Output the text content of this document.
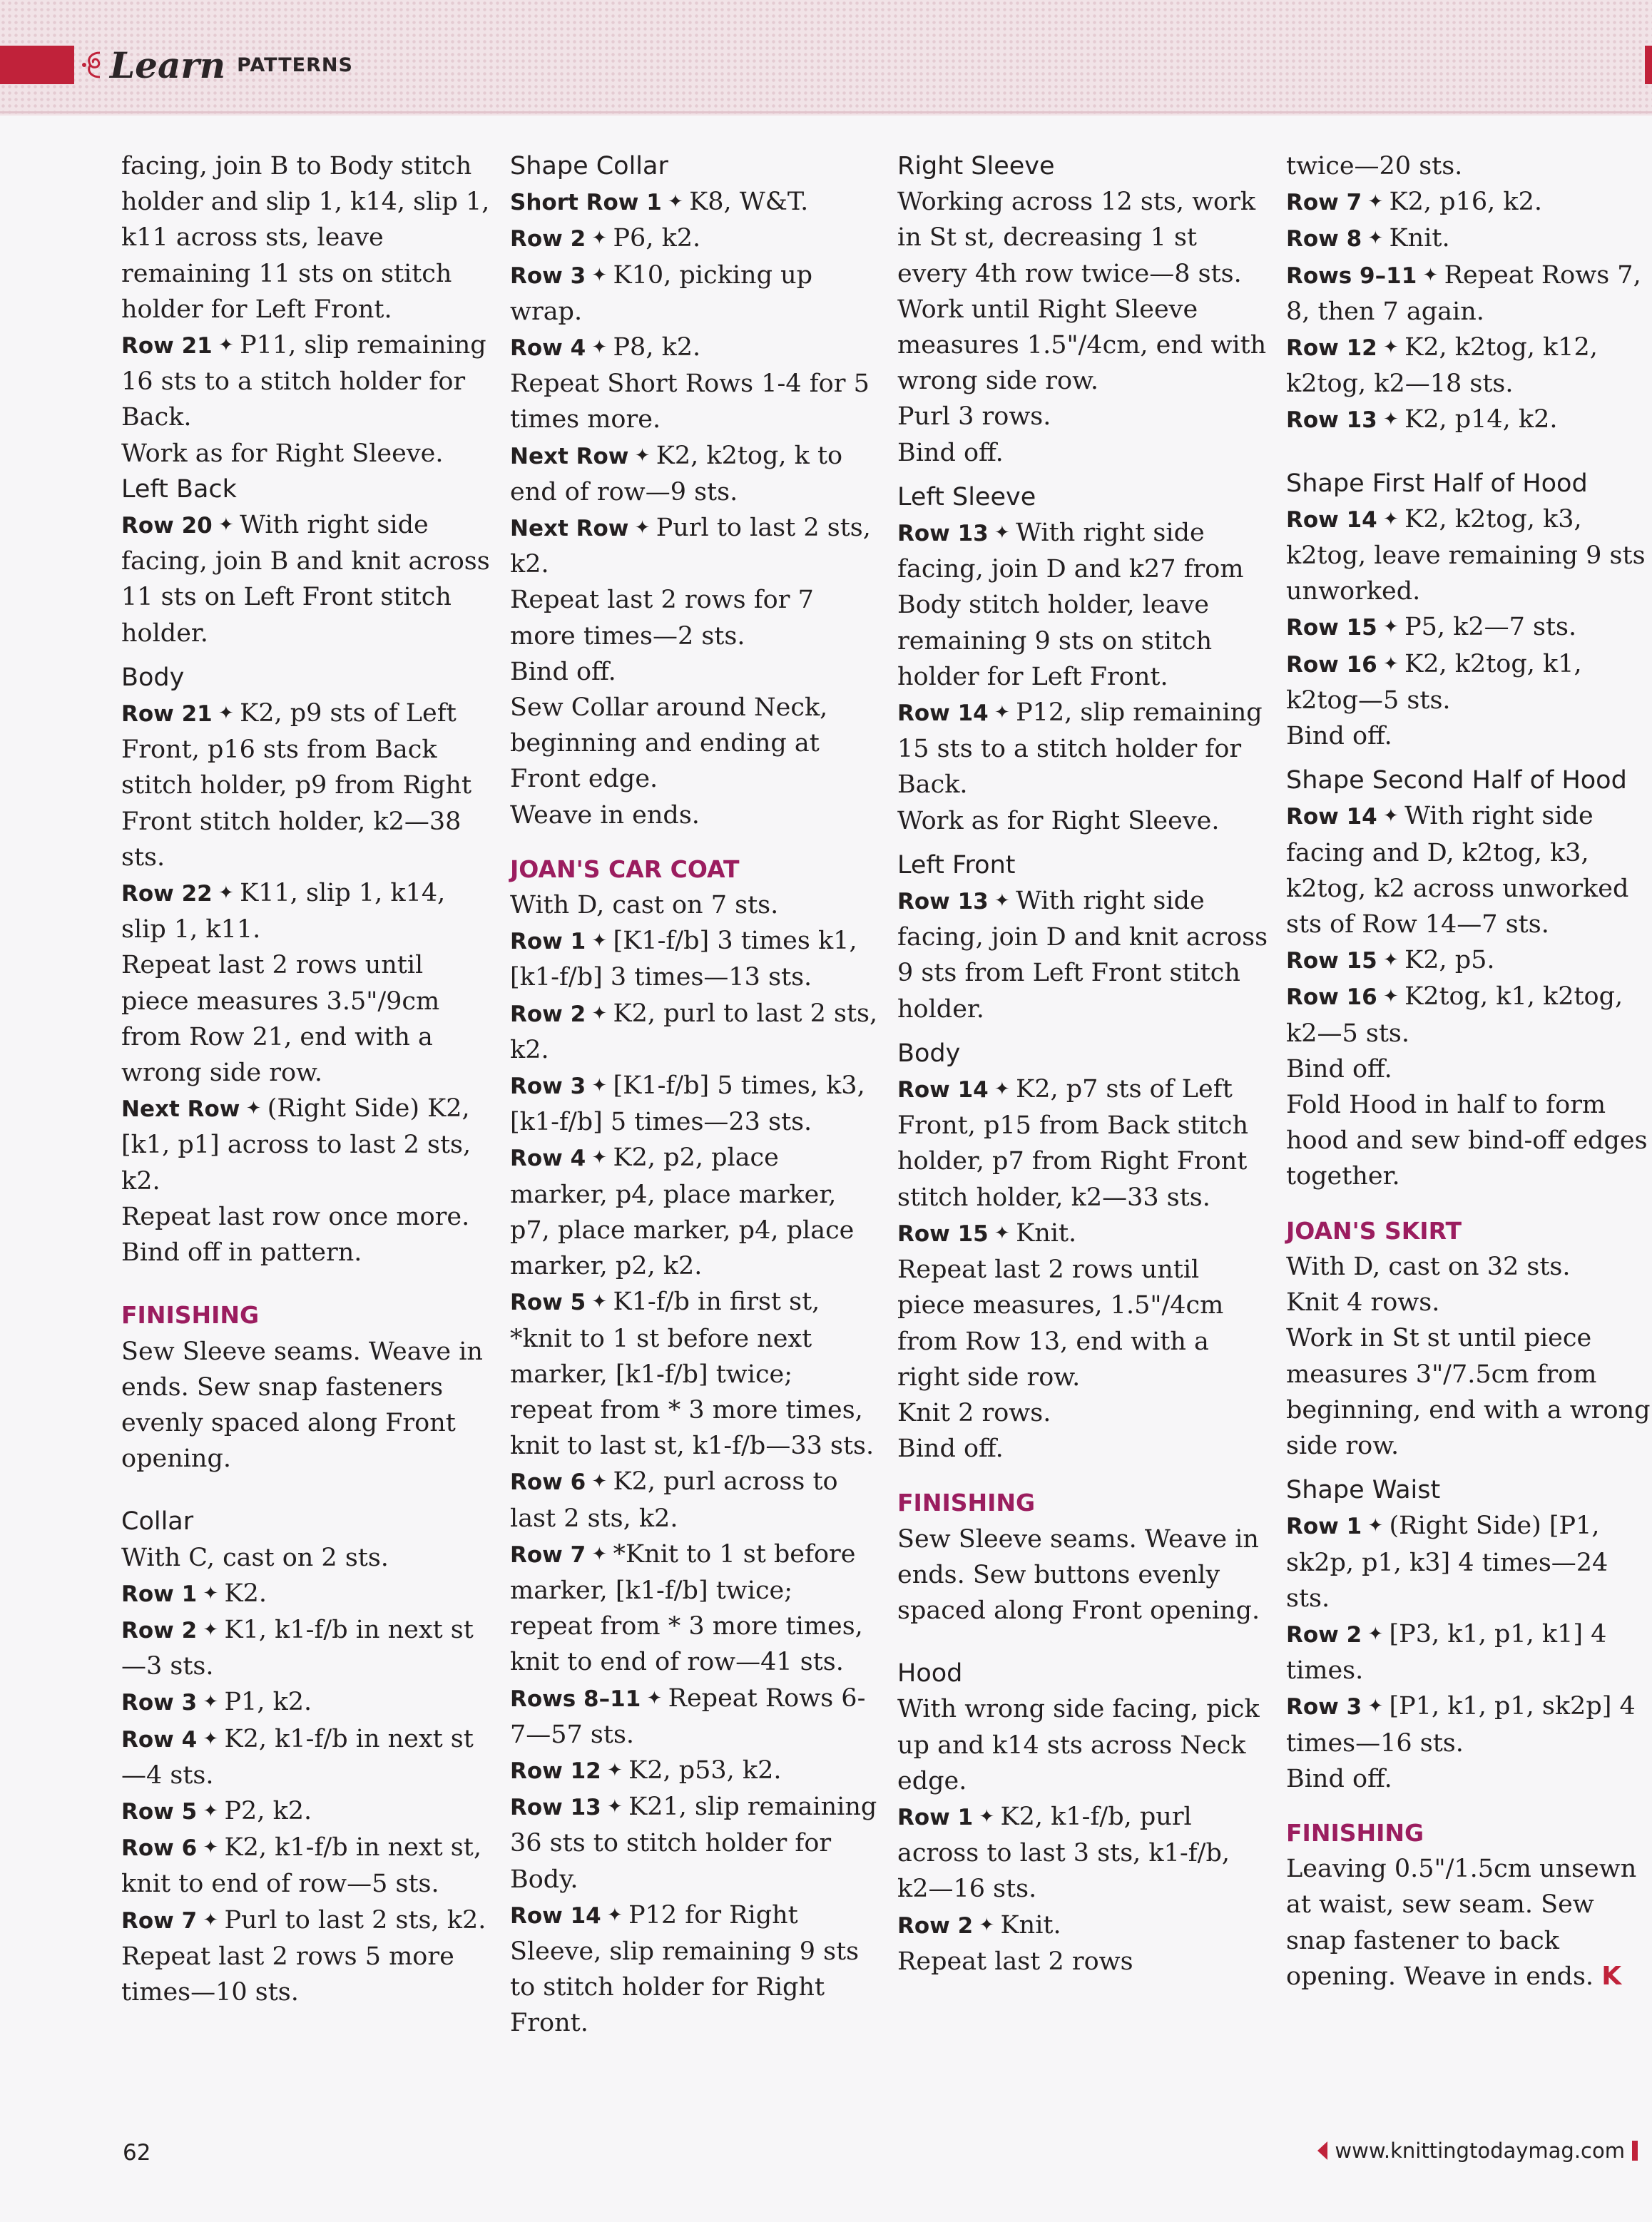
Learn PATTERNS

facing, join B to Body stitch holder and slip 1, k14, slip 1, k11 across sts, leave remaining 11 sts on stitch holder for Left Front.

Row 21 ✦ P11, slip remaining 16 sts to a stitch holder for Back.

Work as for Right Sleeve.

Left Back

Row 20 ✦ With right side facing, join B and knit across 11 sts on Left Front stitch holder.

Body

Row 21 ✦ K2, p9 sts of Left Front, p16 sts from Back stitch holder, p9 from Right Front stitch holder, k2—38 sts.

Row 22 ✦ K11, slip 1, k14, slip 1, k11.

Repeat last 2 rows until piece measures 3.5"/9cm from Row 21, end with a wrong side row.

Next Row ✦ (Right Side) K2, [k1, p1] across to last 2 sts, k2.

Repeat last row once more.

Bind off in pattern.

FINISHING

Sew Sleeve seams. Weave in ends. Sew snap fasteners evenly spaced along Front opening.

Collar

With C, cast on 2 sts.

Row 1 ✦ K2.

Row 2 ✦ K1, k1-f/b in next st—3 sts.

Row 3 ✦ P1, k2.

Row 4 ✦ K2, k1-f/b in next st—4 sts.

Row 5 ✦ P2, k2.

Row 6 ✦ K2, k1-f/b in next st, knit to end of row—5 sts.

Row 7 ✦ Purl to last 2 sts, k2.

Repeat last 2 rows 5 more times—10 sts.

Shape Collar

Short Row 1 ✦ K8, W&T.

Row 2 ✦ P6, k2.

Row 3 ✦ K10, picking up wrap.

Row 4 ✦ P8, k2.

Repeat Short Rows 1-4 for 5 times more.

Next Row ✦ K2, k2tog, k to end of row—9 sts.

Next Row ✦ Purl to last 2 sts, k2.

Repeat last 2 rows for 7 more times—2 sts.

Bind off.

Sew Collar around Neck, beginning and ending at Front edge.

Weave in ends.

JOAN'S CAR COAT

With D, cast on 7 sts.

Row 1 ✦ [K1-f/b] 3 times k1, [k1-f/b] 3 times—13 sts.

Row 2 ✦ K2, purl to last 2 sts, k2.

Row 3 ✦ [K1-f/b] 5 times, k3, [k1-f/b] 5 times—23 sts.

Row 4 ✦ K2, p2, place marker, p4, place marker, p7, place marker, p4, place marker, p2, k2.

Row 5 ✦ K1-f/b in first st, *knit to 1 st before next marker, [k1-f/b] twice; repeat from * 3 more times, knit to last st, k1-f/b—33 sts.

Row 6 ✦ K2, purl across to last 2 sts, k2.

Row 7 ✦ *Knit to 1 st before marker, [k1-f/b] twice; repeat from * 3 more times, knit to end of row—41 sts.

Rows 8–11 ✦ Repeat Rows 6-7—57 sts.

Row 12 ✦ K2, p53, k2.

Row 13 ✦ K21, slip remaining 36 sts to stitch holder for Body.

Row 14 ✦ P12 for Right Sleeve, slip remaining 9 sts to stitch holder for Right Front.

Right Sleeve

Working across 12 sts, work in St st, decreasing 1 st every 4th row twice—8 sts.

Work until Right Sleeve measures 1.5"/4cm, end with wrong side row.

Purl 3 rows.

Bind off.

Left Sleeve

Row 13 ✦ With right side facing, join D and k27 from Body stitch holder, leave remaining 9 sts on stitch holder for Left Front.

Row 14 ✦ P12, slip remaining 15 sts to a stitch holder for Back.

Work as for Right Sleeve.

Left Front

Row 13 ✦ With right side facing, join D and knit across 9 sts from Left Front stitch holder.

Body

Row 14 ✦ K2, p7 sts of Left Front, p15 from Back stitch holder, p7 from Right Front stitch holder, k2—33 sts.

Row 15 ✦ Knit.

Repeat last 2 rows until piece measures, 1.5"/4cm from Row 13, end with a right side row.

Knit 2 rows.

Bind off.

FINISHING

Sew Sleeve seams. Weave in ends. Sew buttons evenly spaced along Front opening.

Hood

With wrong side facing, pick up and k14 sts across Neck edge.

Row 1 ✦ K2, k1-f/b, purl across to last 3 sts, k1-f/b, k2—16 sts.

Row 2 ✦ Knit.

Repeat last 2 rows

twice—20 sts.

Row 7 ✦ K2, p16, k2.

Row 8 ✦ Knit.

Rows 9–11 ✦ Repeat Rows 7, 8, then 7 again.

Row 12 ✦ K2, k2tog, k12, k2tog, k2—18 sts.

Row 13 ✦ K2, p14, k2.

Shape First Half of Hood

Row 14 ✦ K2, k2tog, k3, k2tog, leave remaining 9 sts unworked.

Row 15 ✦ P5, k2—7 sts.

Row 16 ✦ K2, k2tog, k1, k2tog—5 sts.

Bind off.

Shape Second Half of Hood

Row 14 ✦ With right side facing and D, k2tog, k3, k2tog, k2 across unworked sts of Row 14—7 sts.

Row 15 ✦ K2, p5.

Row 16 ✦ K2tog, k1, k2tog, k2—5 sts.

Bind off.

Fold Hood in half to form hood and sew bind-off edges together.

JOAN'S SKIRT

With D, cast on 32 sts.

Knit 4 rows.

Work in St st until piece measures 3"/7.5cm from beginning, end with a wrong side row.

Shape Waist

Row 1 ✦ (Right Side) [P1, sk2p, p1, k3] 4 times—24 sts.

Row 2 ✦ [P3, k1, p1, k1] 4 times.

Row 3 ✦ [P1, k1, p1, sk2p] 4 times—16 sts.

Bind off.

FINISHING

Leaving 0.5"/1.5cm unsewn at waist, sew seam. Sew snap fastener to back opening. Weave in ends. K

62	www.knittingtodaymag.com
